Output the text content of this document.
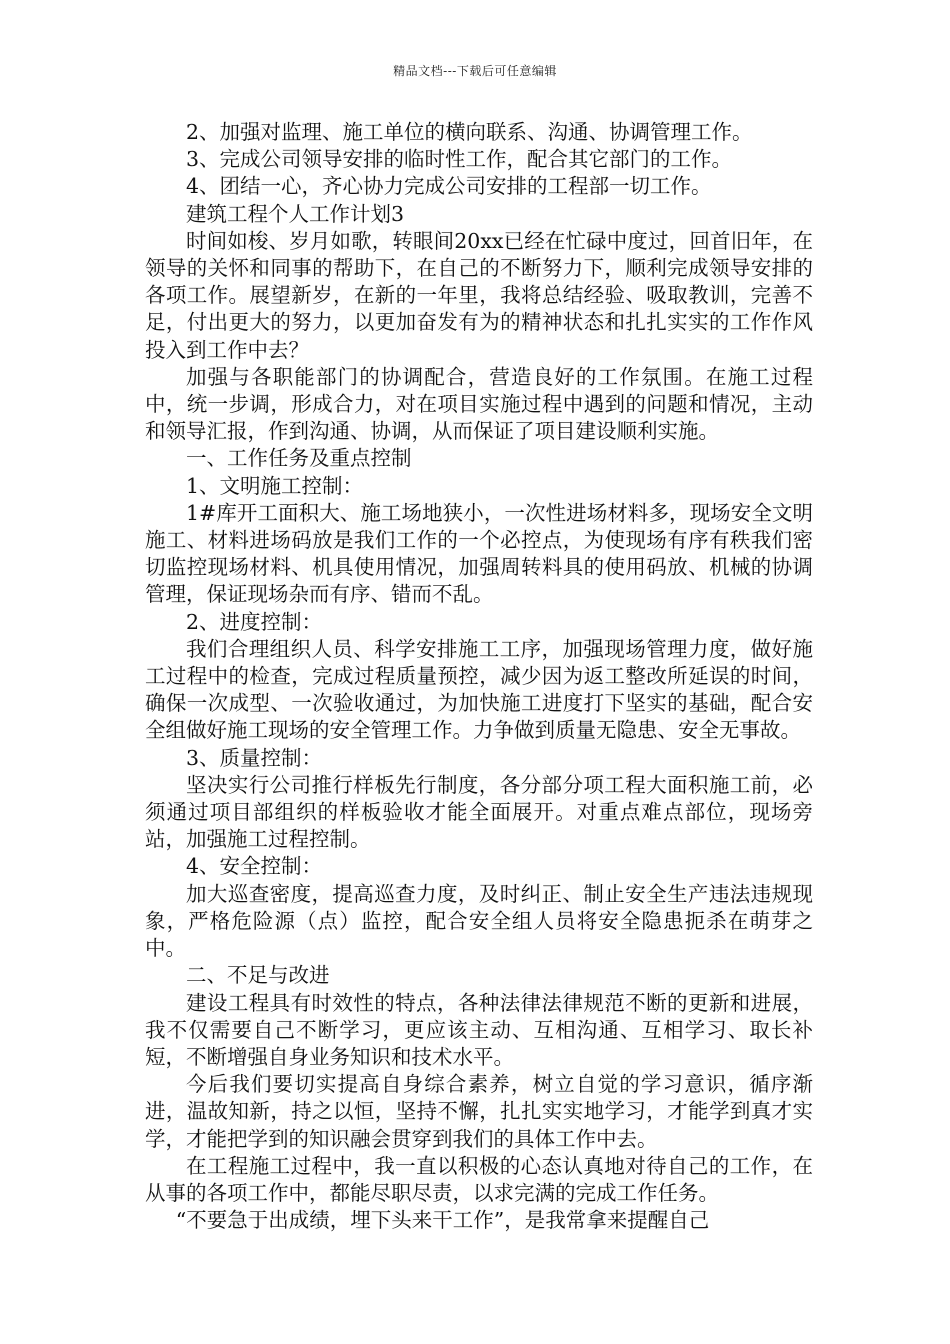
精品文档---下载后可任意编辑

2、加强对监理、施工单位的横向联系、沟通、协调管理工作。

3、完成公司领导安排的临时性工作，配合其它部门的工作。

4、团结一心，齐心协力完成公司安排的工程部一切工作。

建筑工程个人工作计划3

时间如梭、岁月如歌，转眼间20xx已经在忙碌中度过，回首旧年，在领导的关怀和同事的帮助下，在自己的不断努力下，顺利完成领导安排的各项工作。展望新岁，在新的一年里，我将总结经验、吸取教训，完善不足，付出更大的努力，以更加奋发有为的精神状态和扎扎实实的工作作风投入到工作中去？

加强与各职能部门的协调配合，营造良好的工作氛围。在施工过程中，统一步调，形成合力，对在项目实施过程中遇到的问题和情况，主动和领导汇报，作到沟通、协调，从而保证了项目建设顺利实施。

一、工作任务及重点控制

1、文明施工控制：

1#库开工面积大、施工场地狭小，一次性进场材料多，现场安全文明施工、材料进场码放是我们工作的一个必控点，为使现场有序有秩我们密切监控现场材料、机具使用情况，加强周转料具的使用码放、机械的协调管理，保证现场杂而有序、错而不乱。

2、进度控制：

我们合理组织人员、科学安排施工工序，加强现场管理力度，做好施工过程中的检查，完成过程质量预控，减少因为返工整改所延误的时间，确保一次成型、一次验收通过，为加快施工进度打下坚实的基础，配合安全组做好施工现场的安全管理工作。力争做到质量无隐患、安全无事故。

3、质量控制：

坚决实行公司推行样板先行制度，各分部分项工程大面积施工前，必须通过项目部组织的样板验收才能全面展开。对重点难点部位，现场旁站，加强施工过程控制。

4、安全控制：

加大巡查密度，提高巡查力度，及时纠正、制止安全生产违法违规现象，严格危险源（点）监控，配合安全组人员将安全隐患扼杀在萌芽之中。

二、不足与改进

建设工程具有时效性的特点，各种法律法律规范不断的更新和进展，我不仅需要自己不断学习，更应该主动、互相沟通、互相学习、取长补短，不断增强自身业务知识和技术水平。

今后我们要切实提高自身综合素养，树立自觉的学习意识，循序渐进，温故知新，持之以恒，坚持不懈，扎扎实实地学习，才能学到真才实学，才能把学到的知识融会贯穿到我们的具体工作中去。

在工程施工过程中，我一直以积极的心态认真地对待自己的工作，在从事的各项工作中，都能尽职尽责，以求完满的完成工作任务。

“不要急于出成绩，埋下头来干工作”，是我常拿来提醒自己
